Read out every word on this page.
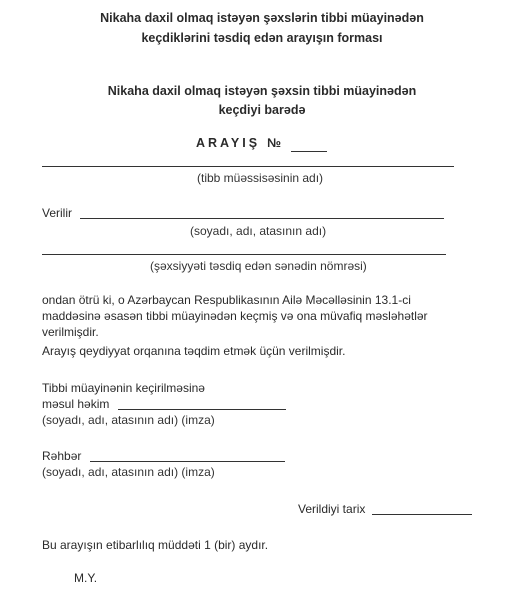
Nikaha daxil olmaq istəyən şəxslərin tibbi müayinədən
keçdiklərini təsdiq edən arayışın forması
Nikaha daxil olmaq istəyən şəxsin tibbi müayinədən
keçdiyi barədə
ARAYIŞ №
(tibb müəssisəsinin adı)
Verilir
(soyadı, adı, atasının adı)
(şəxsiyyəti təsdiq edən sənədin nömrəsi)
ondan ötrü ki, o Azərbaycan Respublikasının Ailə Məcəlləsinin 13.1-ci
maddəsinə əsasən tibbi müayinədən keçmiş və ona müvafiq məsləhətlər
verilmişdir.
Arayış qeydiyyat orqanına təqdim etmək üçün verilmişdir.
Tibbi müayinənin keçirilməsinə
məsul həkim
(soyadı, adı, atasının adı) (imza)
Rəhbər
(soyadı, adı, atasının adı) (imza)
Verildiyi tarix
Bu arayışın etibarlılıq müddəti 1 (bir) aydır.
M.Y.
